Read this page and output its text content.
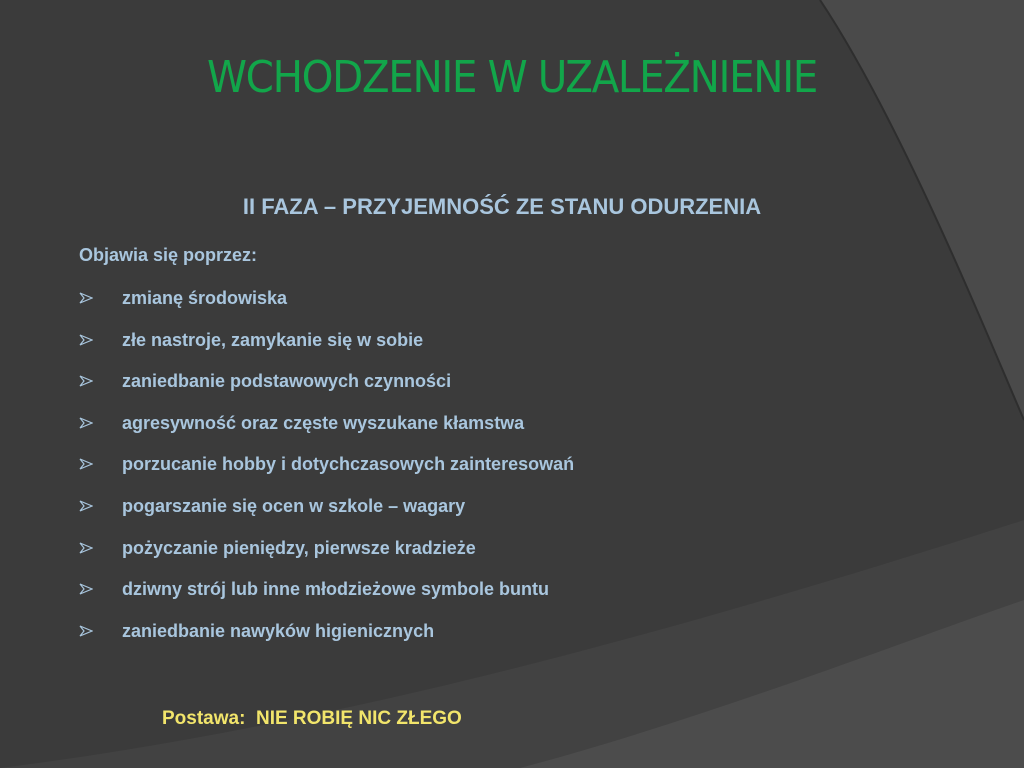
WCHODZENIE W UZALEŻNIENIE
II FAZA – PRZYJEMNOŚĆ ZE STANU ODURZENIA
Objawia się poprzez:
zmianę środowiska
złe nastroje, zamykanie się w sobie
zaniedbanie podstawowych czynności
agresywność oraz częste wyszukane kłamstwa
porzucanie hobby i dotychczasowych zainteresowań
pogarszanie się ocen w szkole – wagary
pożyczanie pieniędzy, pierwsze kradzieże
dziwny strój lub inne młodzieżowe symbole buntu
zaniedbanie nawyków higienicznych
Postawa:  NIE ROBIĘ NIC ZŁEGO
